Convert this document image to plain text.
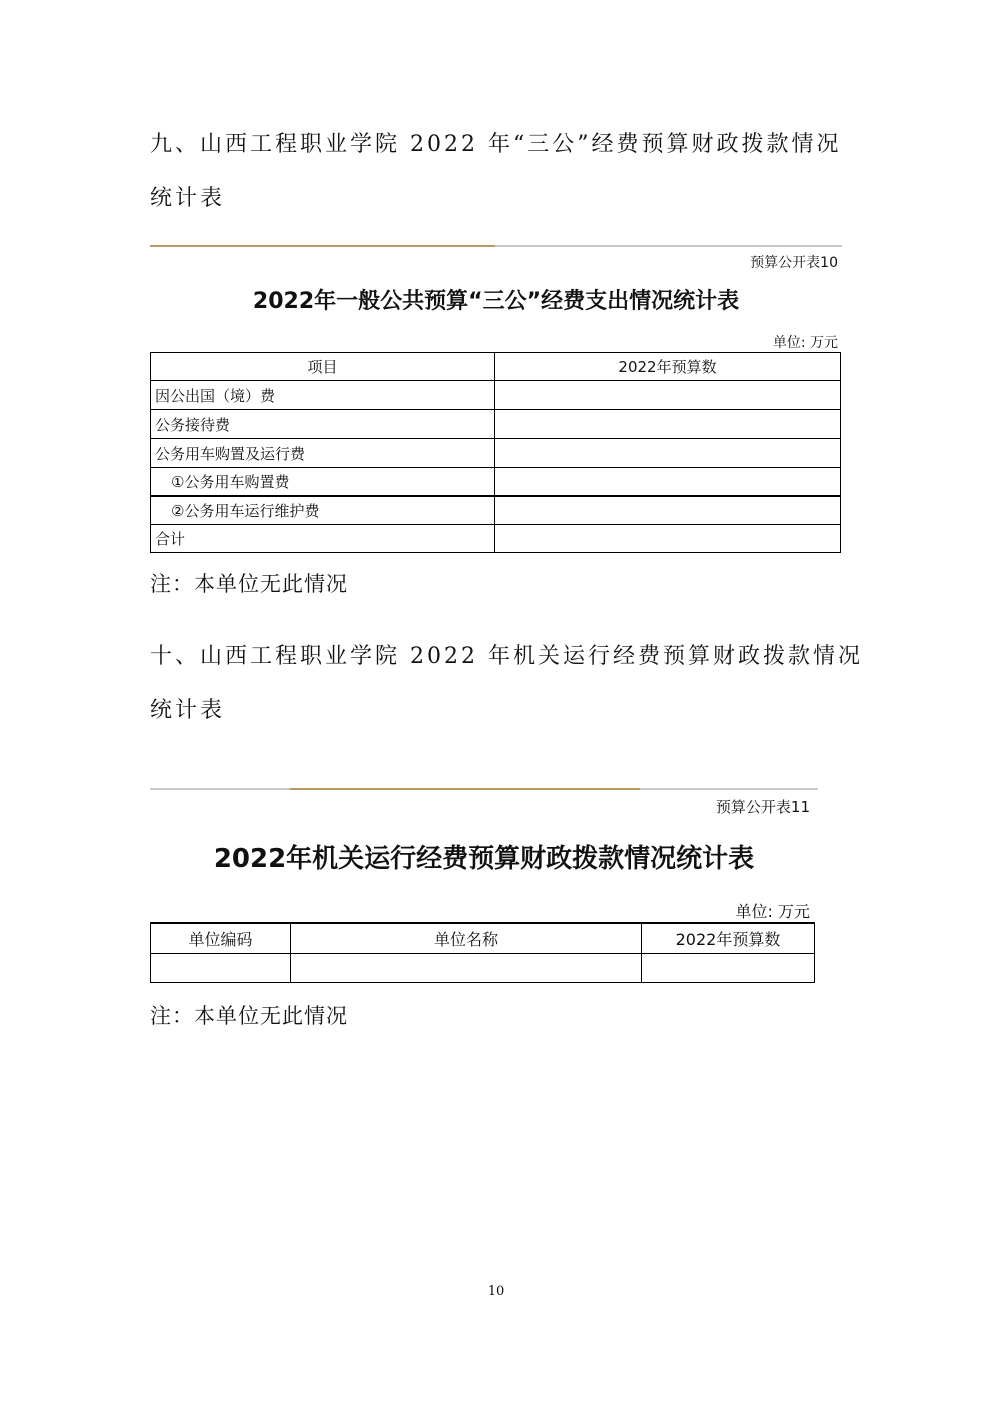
九、山西工程职业学院 2022 年“三公”经费预算财政拨款情况
统计表
预算公开表10
2022年一般公共预算“三公”经费支出情况统计表
单位: 万元
项目	2022年预算数
因公出国（境）费	
公务接待费	
公务用车购置及运行费	
①公务用车购置费	
②公务用车运行维护费	
合计	

注：本单位无此情况

十、山西工程职业学院 2022 年机关运行经费预算财政拨款情况
统计表
预算公开表11
2022年机关运行经费预算财政拨款情况统计表
单位: 万元
单位编码	单位名称	2022年预算数

注：本单位无此情况

10
